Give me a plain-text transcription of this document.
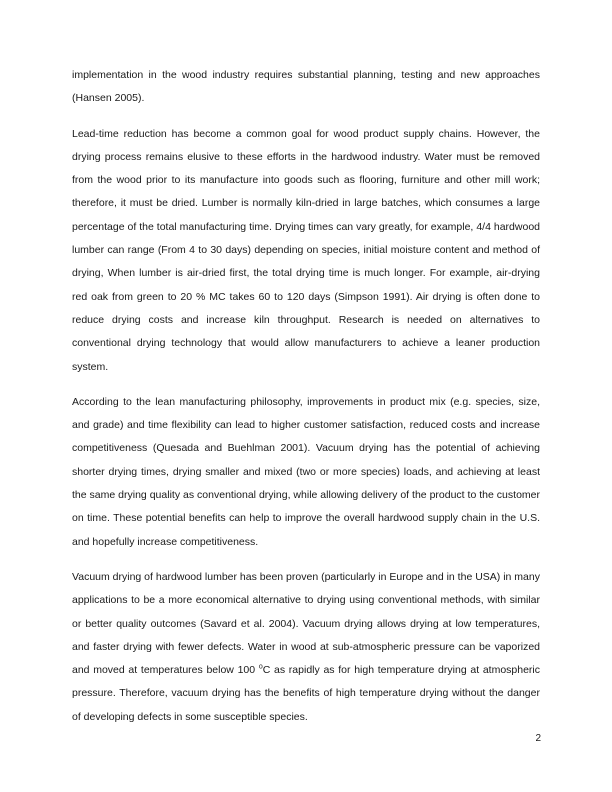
implementation in the wood industry requires substantial planning, testing and new approaches (Hansen 2005).

Lead-time reduction has become a common goal for wood product supply chains. However, the drying process remains elusive to these efforts in the hardwood industry. Water must be removed from the wood prior to its manufacture into goods such as flooring, furniture and other mill work; therefore, it must be dried. Lumber is normally kiln-dried in large batches, which consumes a large percentage of the total manufacturing time. Drying times can vary greatly, for example, 4/4 hardwood lumber can range (From 4 to 30 days) depending on species, initial moisture content and method of drying, When lumber is air-dried first, the total drying time is much longer. For example, air-drying red oak from green to 20 % MC takes 60 to 120 days (Simpson 1991). Air drying is often done to reduce drying costs and increase kiln throughput. Research is needed on alternatives to conventional drying technology that would allow manufacturers to achieve a leaner production system.

According to the lean manufacturing philosophy, improvements in product mix (e.g. species, size, and grade) and time flexibility can lead to higher customer satisfaction, reduced costs and increase competitiveness (Quesada and Buehlman 2001). Vacuum drying has the potential of achieving shorter drying times, drying smaller and mixed (two or more species) loads, and achieving at least the same drying quality as conventional drying, while allowing delivery of the product to the customer on time. These potential benefits can help to improve the overall hardwood supply chain in the U.S. and hopefully increase competitiveness.

Vacuum drying of hardwood lumber has been proven (particularly in Europe and in the USA) in many applications to be a more economical alternative to drying using conventional methods, with similar or better quality outcomes (Savard et al. 2004). Vacuum drying allows drying at low temperatures, and faster drying with fewer defects. Water in wood at sub-atmospheric pressure can be vaporized and moved at temperatures below 100 $^o$C as rapidly as for high temperature drying at atmospheric pressure. Therefore, vacuum drying has the benefits of high temperature drying without the danger of developing defects in some susceptible species.

2
